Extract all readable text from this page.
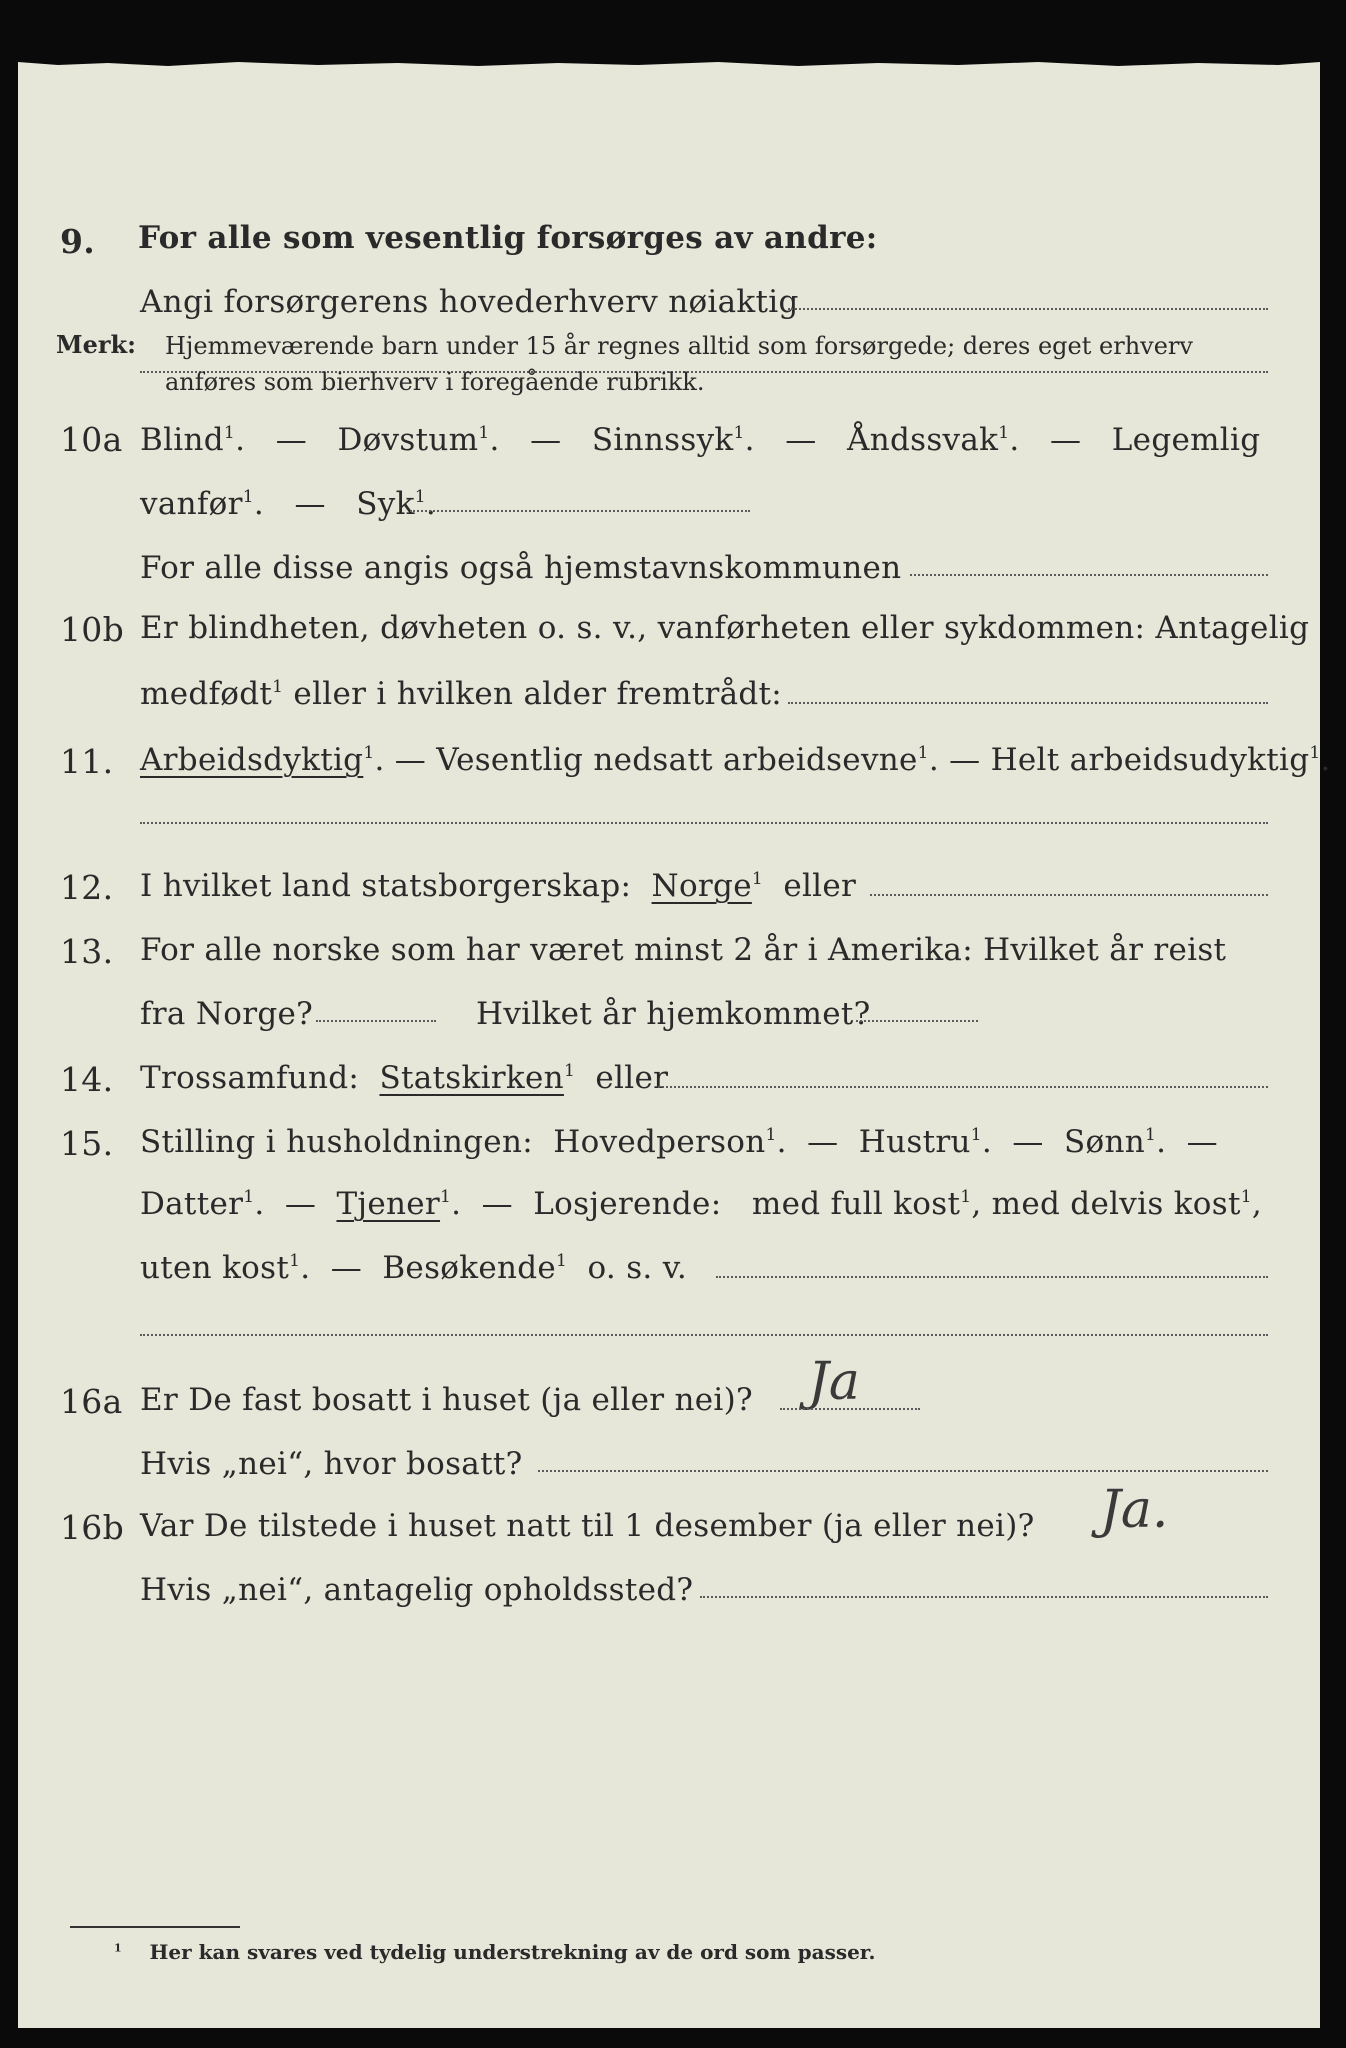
9. For alle som vesentlig forsørges av andre:
Angi forsørgerens hovederhverv nøiaktig
Merk: Hjemmeværende barn under 15 år regnes alltid som forsørgede; deres eget erhverv
anføres som bierhverv i foregående rubrikk.
10a Blind$^1$. — Døvstum$^1$. — Sinnssyk$^1$. — Åndssvak$^1$. — Legemlig
vanfør$^1$. — Syk$^1$.
For alle disse angis også hjemstavnskommunen
10b Er blindheten, døvheten o. s. v., vanførheten eller sykdommen: Antagelig
medfødt$^1$ eller i hvilken alder fremtrådt:
11. Arbeidsdyktig$^1$. — Vesentlig nedsatt arbeidsevne$^1$. — Helt arbeidsudyktig$^1$.
12. I hvilket land statsborgerskap: Norge$^1$ eller
13. For alle norske som har været minst 2 år i Amerika: Hvilket år reist
fra Norge?	Hvilket år hjemkommet?
14. Trossamfund: Statskirken$^1$ eller
15. Stilling i husholdningen: Hovedperson$^1$. — Hustru$^1$. — Sønn$^1$. —
Datter$^1$. — Tjener$^1$. — Losjerende: med full kost$^1$, med delvis kost$^1$,
uten kost$^1$. — Besøkende$^1$ o. s. v.
16a Er De fast bosatt i huset (ja eller nei)? Ja
Hvis „nei“, hvor bosatt?
16b Var De tilstede i huset natt til 1 desember (ja eller nei)? Ja.
Hvis „nei“, antagelig opholdssted?
$^1$ Her kan svares ved tydelig understrekning av de ord som passer.
